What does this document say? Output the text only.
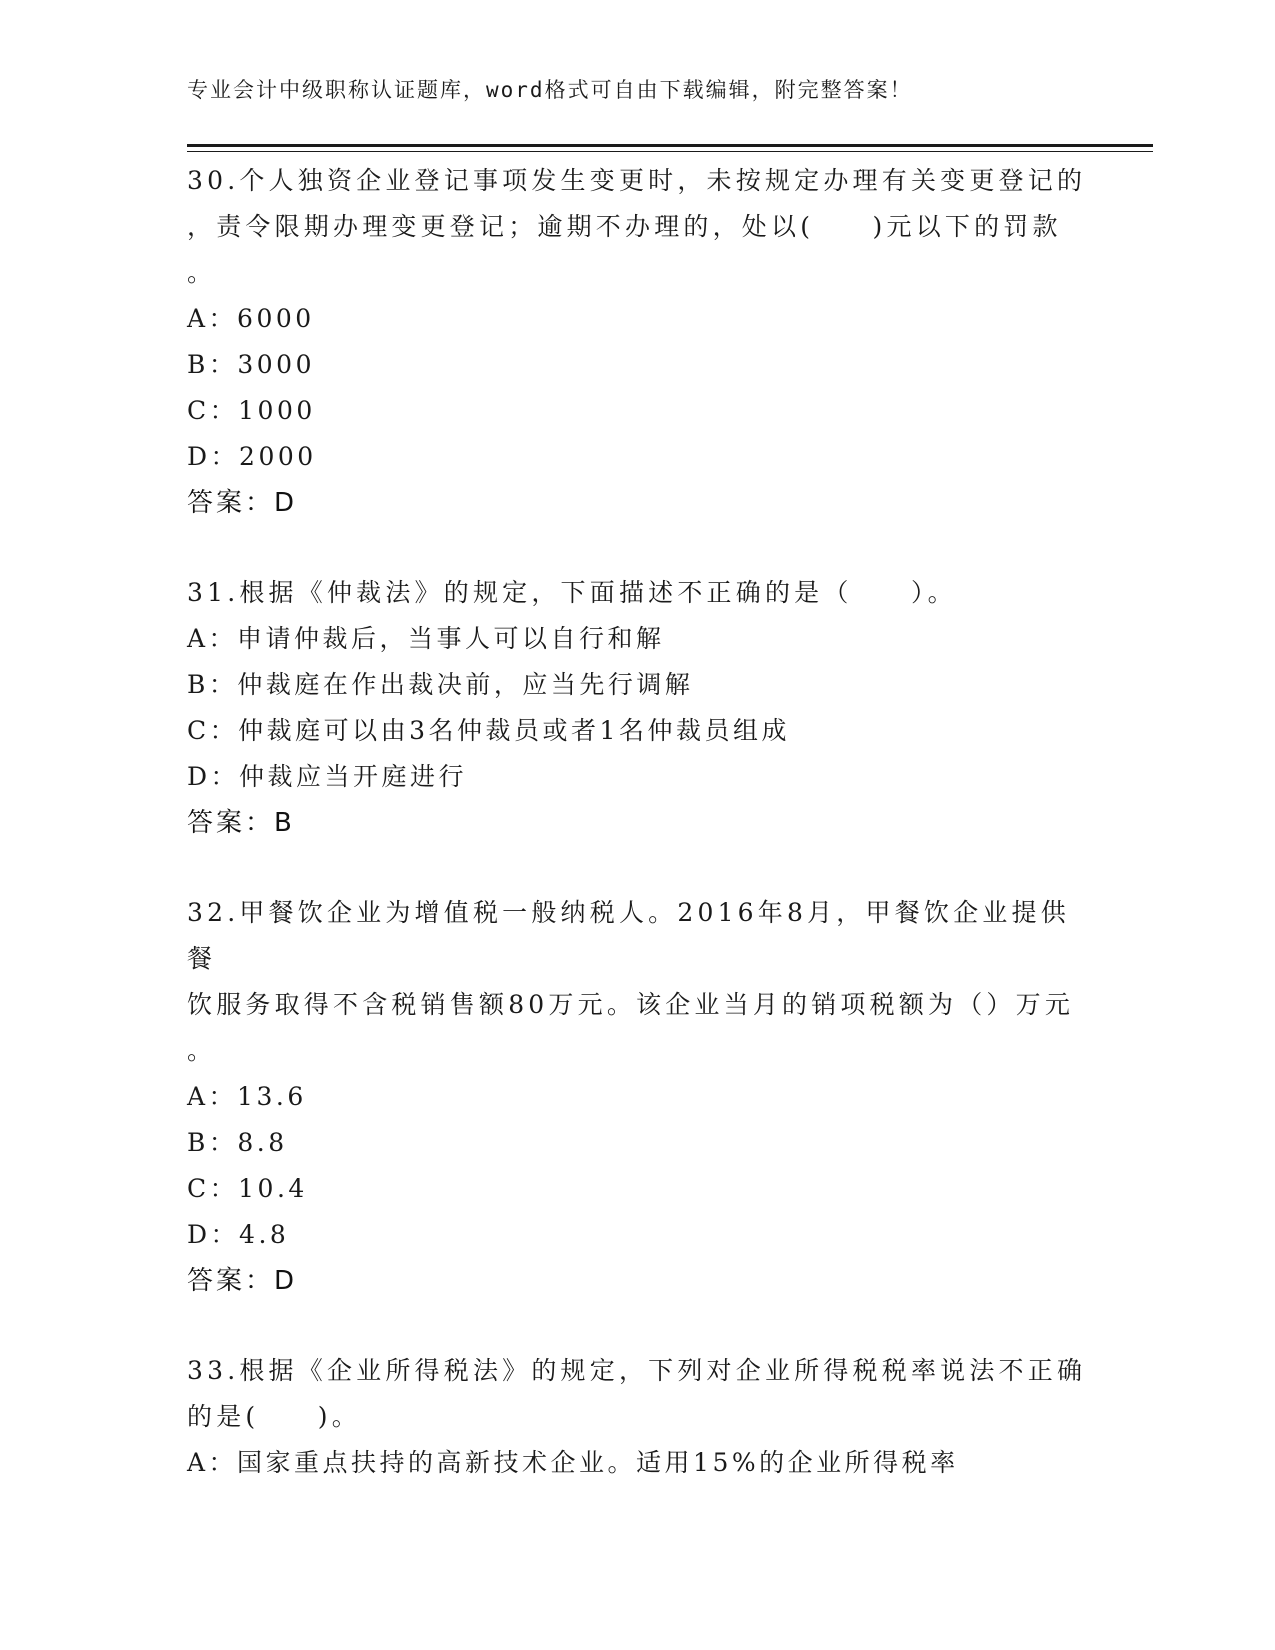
专业会计中级职称认证题库，word格式可自由下载编辑，附完整答案！

30.个人独资企业登记事项发生变更时，未按规定办理有关变更登记的

，责令限期办理变更登记；逾期不办理的，处以(　　)元以下的罚款

。

A：6000

B：3000

C：1000

D：2000

答案：D

31.根据《仲裁法》的规定，下面描述不正确的是（　　）。

A：申请仲裁后，当事人可以自行和解

B：仲裁庭在作出裁决前，应当先行调解

C：仲裁庭可以由3名仲裁员或者1名仲裁员组成

D：仲裁应当开庭进行

答案：B

32.甲餐饮企业为增值税一般纳税人。2016年8月，甲餐饮企业提供餐

饮服务取得不含税销售额80万元。该企业当月的销项税额为（）万元

。

A：13.6

B：8.8

C：10.4

D：4.8

答案：D

33.根据《企业所得税法》的规定，下列对企业所得税税率说法不正确

的是(　　)。

A：国家重点扶持的高新技术企业。适用15%的企业所得税率
